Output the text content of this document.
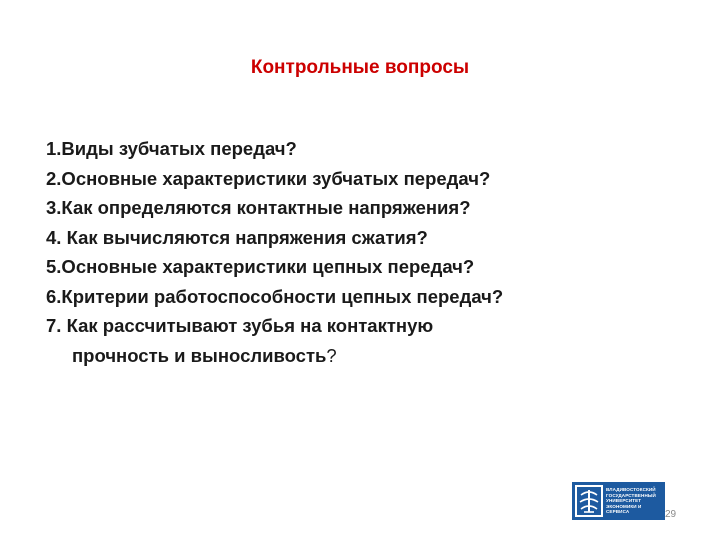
Контрольные вопросы
1.Виды зубчатых передач?
2.Основные характеристики зубчатых передач?
3.Как определяются контактные напряжения?
4. Как вычисляются напряжения сжатия?
5.Основные характеристики цепных передач?
6.Критерии работоспособности цепных передач?
7. Как рассчитывают зубья на контактную
прочность и выносливость?
ВЛАДИВОСТОКСКИЙ
ГОСУДАРСТВЕННЫЙ
УНИВЕРСИТЕТ
ЭКОНОМИКИ И
СЕРВИСА	29
